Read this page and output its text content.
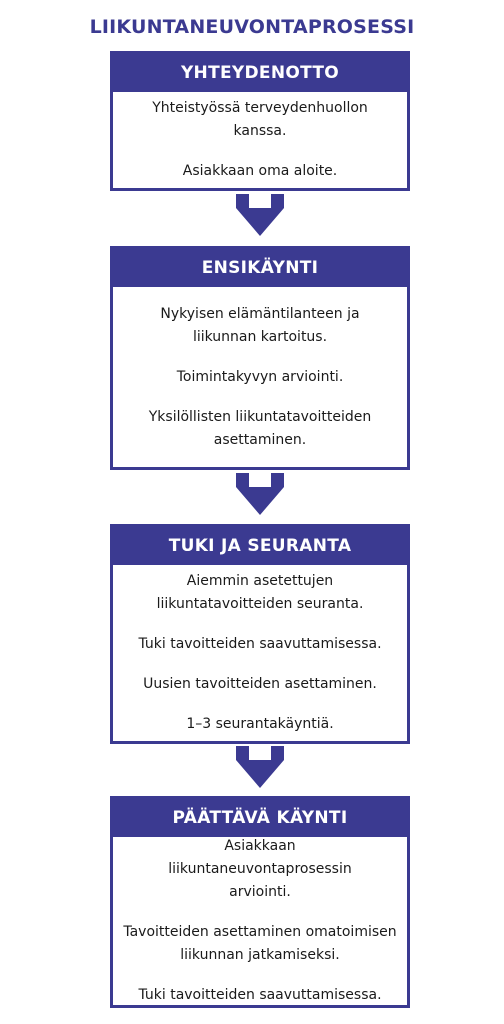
LIIKUNTANEUVONTAPROSESSI
YHTEYDENOTTO

Yhteistyössä terveydenhuollon kanssa.

Asiakkaan oma aloite.

ENSIKÄYNTI

Nykyisen elämäntilanteen ja liikunnan kartoitus.

Toimintakyvyn arviointi.

Yksilöllisten liikuntatavoitteiden asettaminen.

TUKI JA SEURANTA

Aiemmin asetettujen liikuntatavoitteiden seuranta.

Tuki tavoitteiden saavuttamisessa.

Uusien tavoitteiden asettaminen.

1–3 seurantakäyntiä.

PÄÄTTÄVÄ KÄYNTI

Asiakkaan liikuntaneuvontaprosessin arviointi.

Tavoitteiden asettaminen omatoimisen liikunnan jatkamiseksi.

Tuki tavoitteiden saavuttamisessa.
